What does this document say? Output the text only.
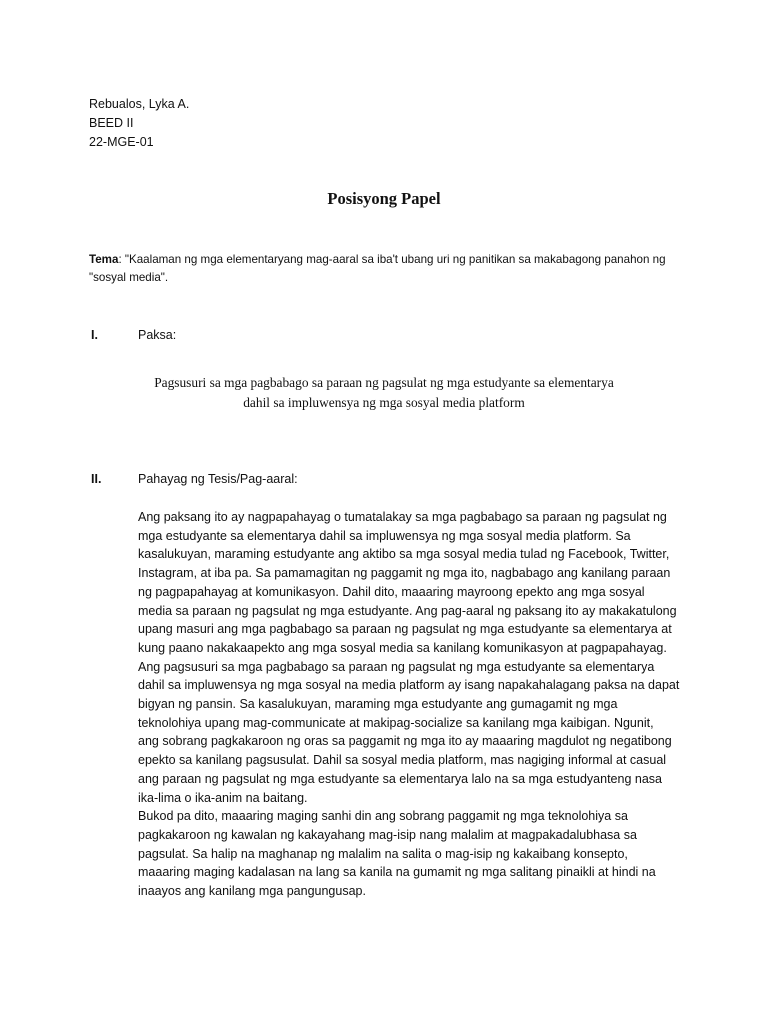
Rebualos, Lyka A.
BEED II
22-MGE-01
Posisyong Papel
Tema: "Kaalaman ng mga elementaryang mag-aaral sa iba't ubang uri ng panitikan sa makabagong panahon ng "sosyal media".
I.	Paksa:
Pagsusuri sa mga pagbabago sa paraan ng pagsulat ng mga estudyante sa elementarya
dahil sa impluwensya ng mga sosyal media platform
II.	Pahayag ng Tesis/Pag-aaral:
Ang paksang ito ay nagpapahayag o tumatalakay sa mga pagbabago sa paraan ng pagsulat ng
mga estudyante sa elementarya dahil sa impluwensya ng mga sosyal media platform. Sa
kasalukuyan, maraming estudyante ang aktibo sa mga sosyal media tulad ng Facebook, Twitter,
Instagram, at iba pa. Sa pamamagitan ng paggamit ng mga ito, nagbabago ang kanilang paraan
ng pagpapahayag at komunikasyon. Dahil dito, maaaring mayroong epekto ang mga sosyal
media sa paraan ng pagsulat ng mga estudyante. Ang pag-aaral ng paksang ito ay makakatulong
upang masuri ang mga pagbabago sa paraan ng pagsulat ng mga estudyante sa elementarya at
kung paano nakakaapekto ang mga sosyal media sa kanilang komunikasyon at pagpapahayag.
Ang pagsusuri sa mga pagbabago sa paraan ng pagsulat ng mga estudyante sa elementarya
dahil sa impluwensya ng mga sosyal na media platform ay isang napakahalagang paksa na dapat
bigyan ng pansin. Sa kasalukuyan, maraming mga estudyante ang gumagamit ng mga
teknolohiya upang mag-communicate at makipag-socialize sa kanilang mga kaibigan. Ngunit,
ang sobrang pagkakaroon ng oras sa paggamit ng mga ito ay maaaring magdulot ng negatibong
epekto sa kanilang pagsusulat. Dahil sa sosyal media platform, mas nagiging informal at casual
ang paraan ng pagsulat ng mga estudyante sa elementarya lalo na sa mga estudyanteng nasa
ika-lima o ika-anim na baitang.
Bukod pa dito, maaaring maging sanhi din ang sobrang paggamit ng mga teknolohiya sa
pagkakaroon ng kawalan ng kakayahang mag-isip nang malalim at magpakadalubhasa sa
pagsulat. Sa halip na maghanap ng malalim na salita o mag-isip ng kakaibang konsepto,
maaaring maging kadalasan na lang sa kanila na gumamit ng mga salitang pinaikli at hindi na
inaayos ang kanilang mga pangungusap.
